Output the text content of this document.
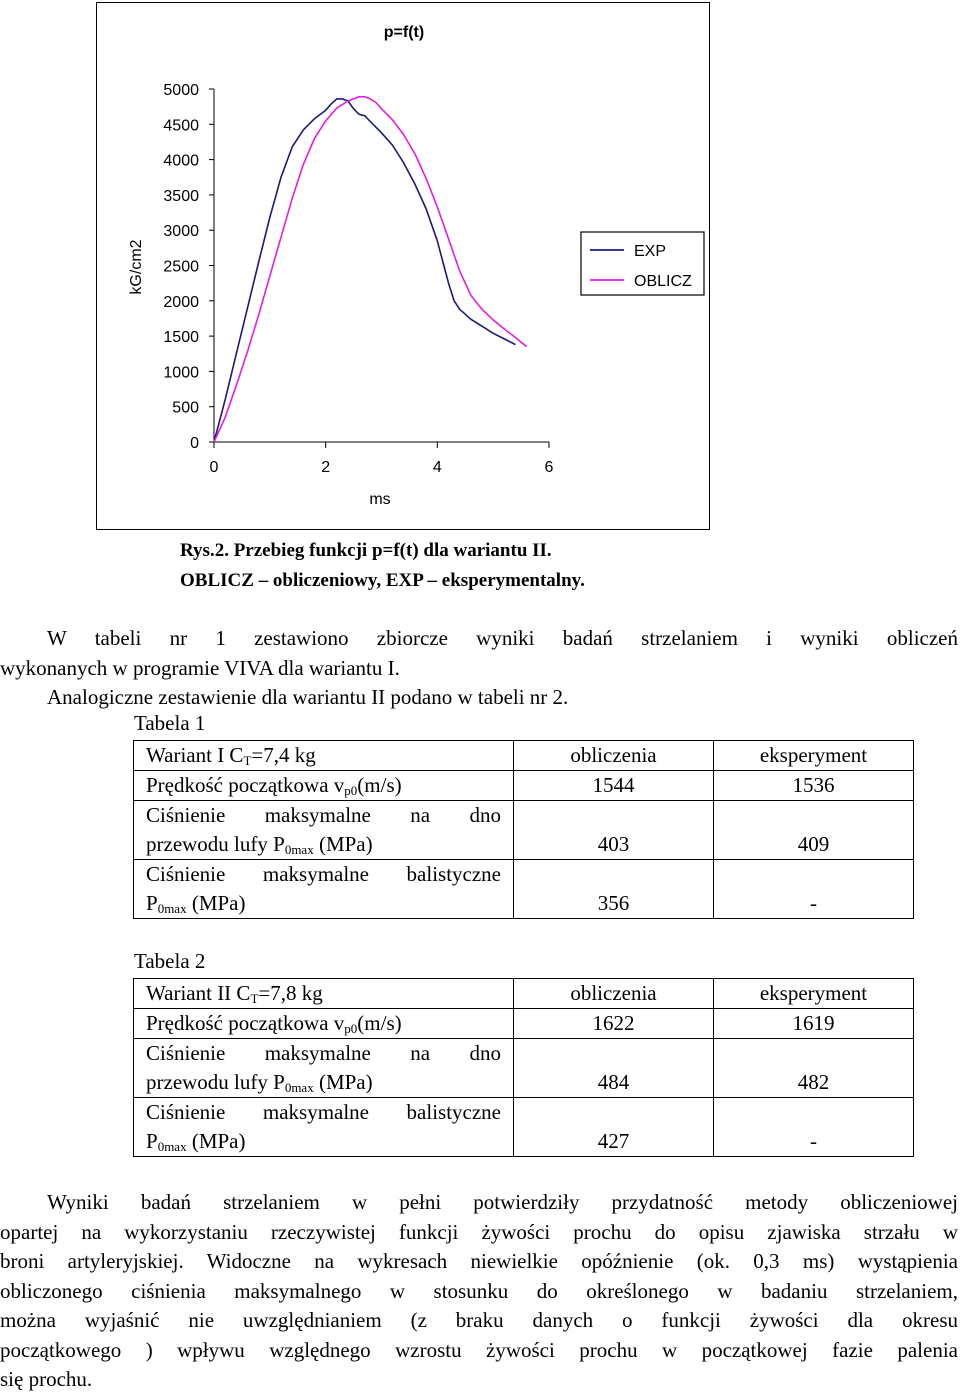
p=f(t)
kG/cm2
ms
0
500
1000
1500
2000
2500
3000
3500
4000
4500
5000
0	2	4	6
EXP
OBLICZ
Rys.2. Przebieg funkcji p=f(t) dla wariantu II.
OBLICZ – obliczeniowy, EXP – eksperymentalny.
W tabeli nr 1 zestawiono zbiorcze wyniki badań strzelaniem i wyniki obliczeń
wykonanych w programie VIVA dla wariantu I.
Analogiczne zestawienie dla wariantu II podano w tabeli nr 2.
Tabela 1
Wariant I $C_T=7,4$ kg	obliczenia	eksperyment
Prędkość początkowa $v_{p0}(m/s)$	1544	1536

Ciśnienie maksymalne na dno
przewodu lufy $P_{0max}$ (MPa)	403	409

Ciśnienie maksymalne balistyczne
$P_{0max}$ (MPa)	356	-
Tabela 2
Wariant II $C_T=7,8$ kg	obliczenia	eksperyment
Prędkość początkowa $v_{p0}(m/s)$	1622	1619

Ciśnienie maksymalne na dno
przewodu lufy $P_{0max}$ (MPa)	484	482

Ciśnienie maksymalne balistyczne
$P_{0max}$ (MPa)	427	-
Wyniki badań strzelaniem w pełni potwierdziły przydatność metody obliczeniowej
opartej na wykorzystaniu rzeczywistej funkcji żywości prochu do opisu zjawiska strzału w
broni artyleryjskiej. Widoczne na wykresach niewielkie opóźnienie (ok. 0,3 ms) wystąpienia
obliczonego ciśnienia maksymalnego w stosunku do określonego w badaniu strzelaniem,
można wyjaśnić nie uwzględnianiem (z braku danych o funkcji żywości dla okresu
początkowego ) wpływu względnego wzrostu żywości prochu w początkowej fazie palenia
się prochu.
